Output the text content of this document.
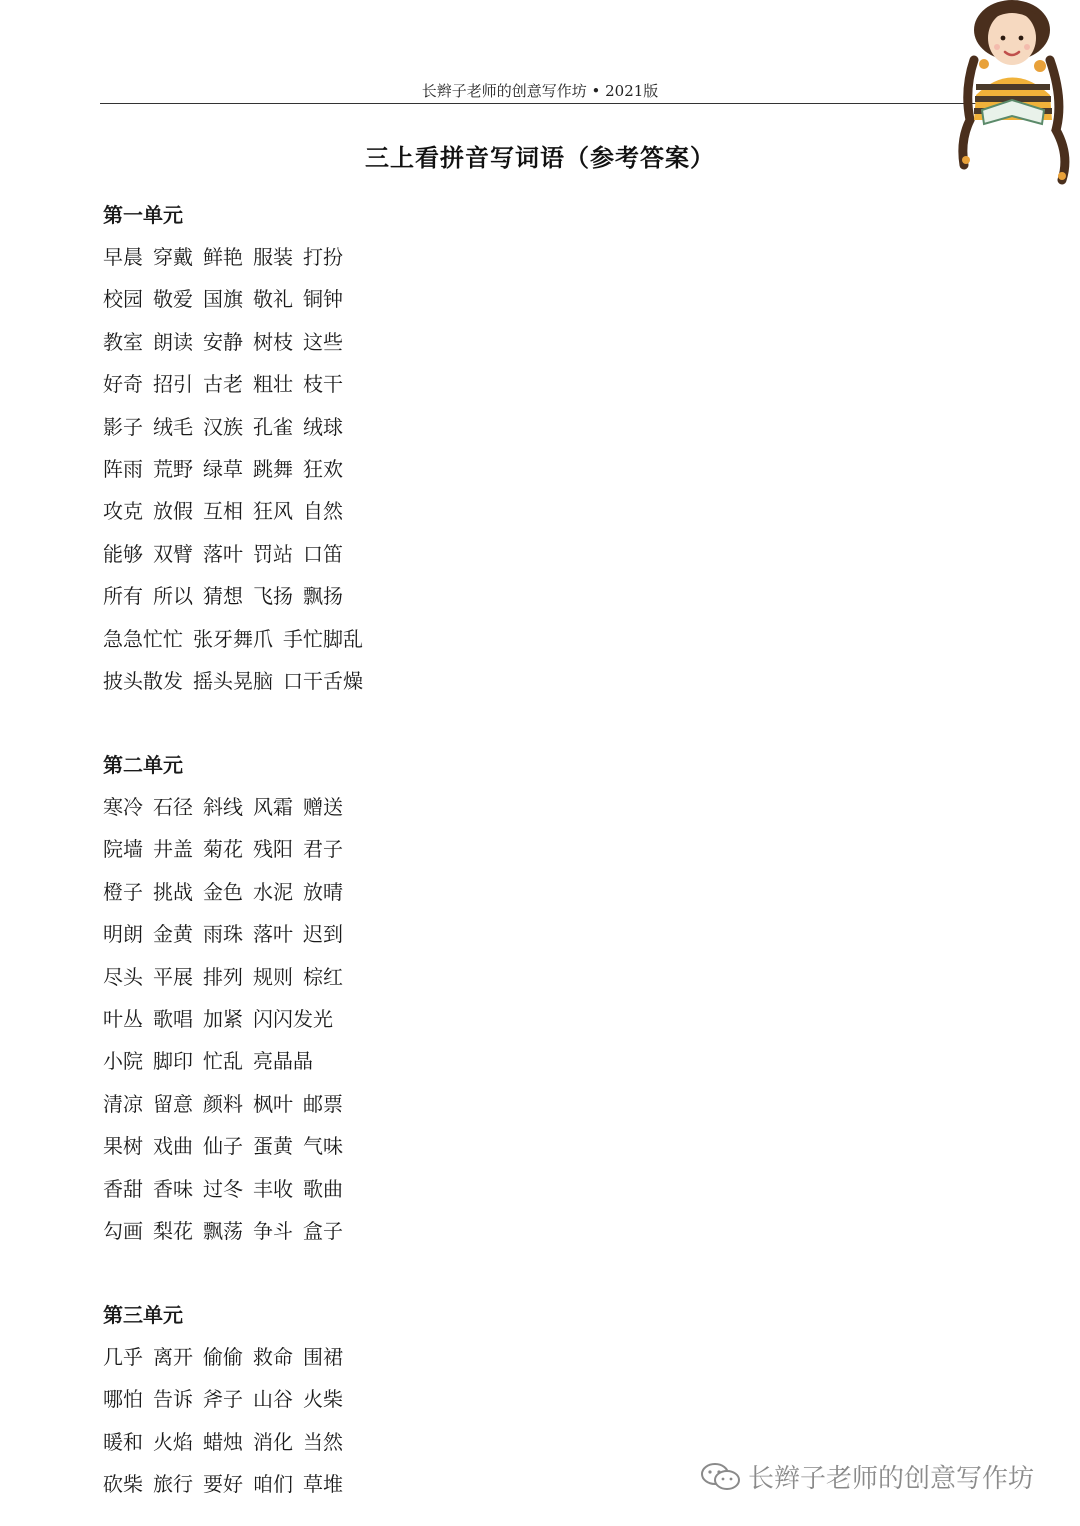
长辫子老师的创意写作坊 • 2021版
三上看拼音写词语（参考答案）
第一单元
早晨 穿戴 鲜艳 服装 打扮
校园 敬爱 国旗 敬礼 铜钟
教室 朗读 安静 树枝 这些
好奇 招引 古老 粗壮 枝干
影子 绒毛 汉族 孔雀 绒球
阵雨 荒野 绿草 跳舞 狂欢
攻克 放假 互相 狂风 自然
能够 双臂 落叶 罚站 口笛
所有 所以 猜想 飞扬 飘扬
急急忙忙 张牙舞爪 手忙脚乱
披头散发 摇头晃脑 口干舌燥
第二单元
寒冷 石径 斜线 风霜 赠送
院墙 井盖 菊花 残阳 君子
橙子 挑战 金色 水泥 放晴
明朗 金黄 雨珠 落叶 迟到
尽头 平展 排列 规则 棕红
叶丛 歌唱 加紧 闪闪发光
小院 脚印 忙乱 亮晶晶
清凉 留意 颜料 枫叶 邮票
果树 戏曲 仙子 蛋黄 气味
香甜 香味 过冬 丰收 歌曲
勾画 梨花 飘荡 争斗 盒子
第三单元
几乎 离开 偷偷 救命 围裙
哪怕 告诉 斧子 山谷 火柴
暖和 火焰 蜡烛 消化 当然
砍柴 旅行 要好 咱们 草堆	长辫子老师的创意写作坊
